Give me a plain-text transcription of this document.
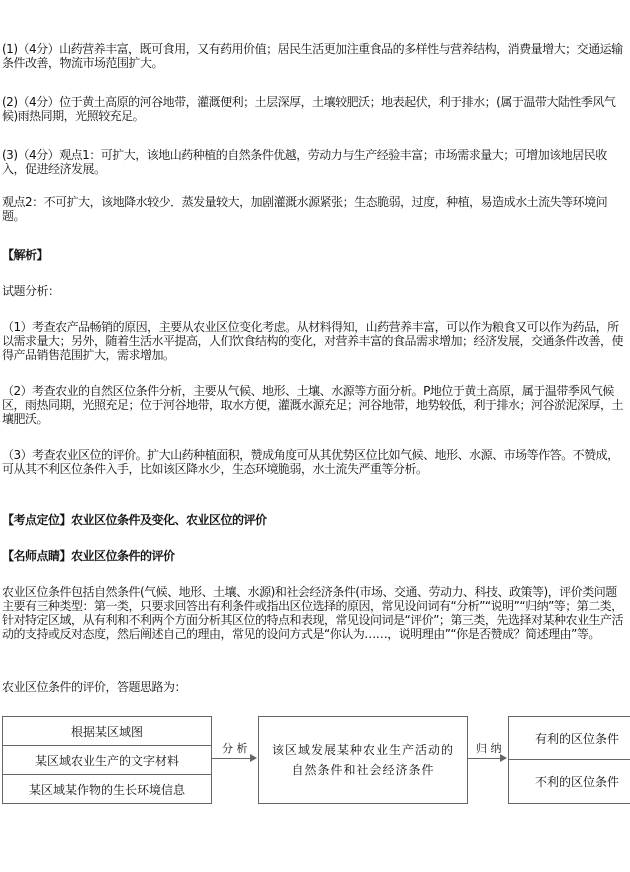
(1)（4分）山药营养丰富，既可食用，又有药用价值；居民生活更加注重食品的多样性与营养结构，消费量增大；交通运输条件改善，物流市场范围扩大。

(2)（4分）位于黄土高原的河谷地带，灌溉便利；土层深厚，土壤较肥沃；地表起伏，利于排水；(属于温带大陆性季风气候)雨热同期，光照较充足。

(3)（4分）观点1：可扩大，该地山药种植的自然条件优越，劳动力与生产经验丰富；市场需求量大；可增加该地居民收入，促进经济发展。

观点2：不可扩大，该地降水较少．蒸发量较大，加剧灌溉水源紧张；生态脆弱，过度，种植，易造成水土流失等环境问题。

【解析】

试题分析：

（1）考查农产品畅销的原因，主要从农业区位变化考虑。从材料得知，山药营养丰富，可以作为粮食又可以作为药品，所以需求量大；另外，随着生活水平提高，人们饮食结构的变化，对营养丰富的食品需求增加；经济发展，交通条件改善，使得产品销售范围扩大，需求增加。

（2）考查农业的自然区位条件分析，主要从气候、地形、土壤、水源等方面分析。P地位于黄土高原，属于温带季风气候区，雨热同期，光照充足；位于河谷地带，取水方便，灌溉水源充足；河谷地带，地势较低，利于排水；河谷淤泥深厚，土壤肥沃。

（3）考查农业区位的评价。扩大山药种植面积，赞成角度可从其优势区位比如气候、地形、水源、市场等作答。不赞成，可从其不利区位条件入手，比如该区降水少，生态环境脆弱，水土流失严重等分析。

【考点定位】农业区位条件及变化、农业区位的评价

【名师点睛】农业区位条件的评价

农业区位条件包括自然条件(气候、地形、土壤、水源)和社会经济条件(市场、交通、劳动力、科技、政策等)，评价类问题主要有三种类型：第一类，只要求回答出有利条件或指出区位选择的原因，常见设问词有“分析”“说明”“归纳”等；第二类，针对特定区域，从有利和不利两个方面分析其区位的特点和表现，常见设问词是“评价”；第三类，先选择对某种农业生产活动的支持或反对态度，然后阐述自己的理由，常见的设问方式是“你认为……，说明理由”“你是否赞成？简述理由”等。

农业区位条件的评价，答题思路为：

根据某区域图
某区域农业生产的文字材料
某区域某作物的生长环境信息
分 析	该区域发展某种农业生产活动的自然条件和社会经济条件
归 纳
有利的区位条件
不利的区位条件
